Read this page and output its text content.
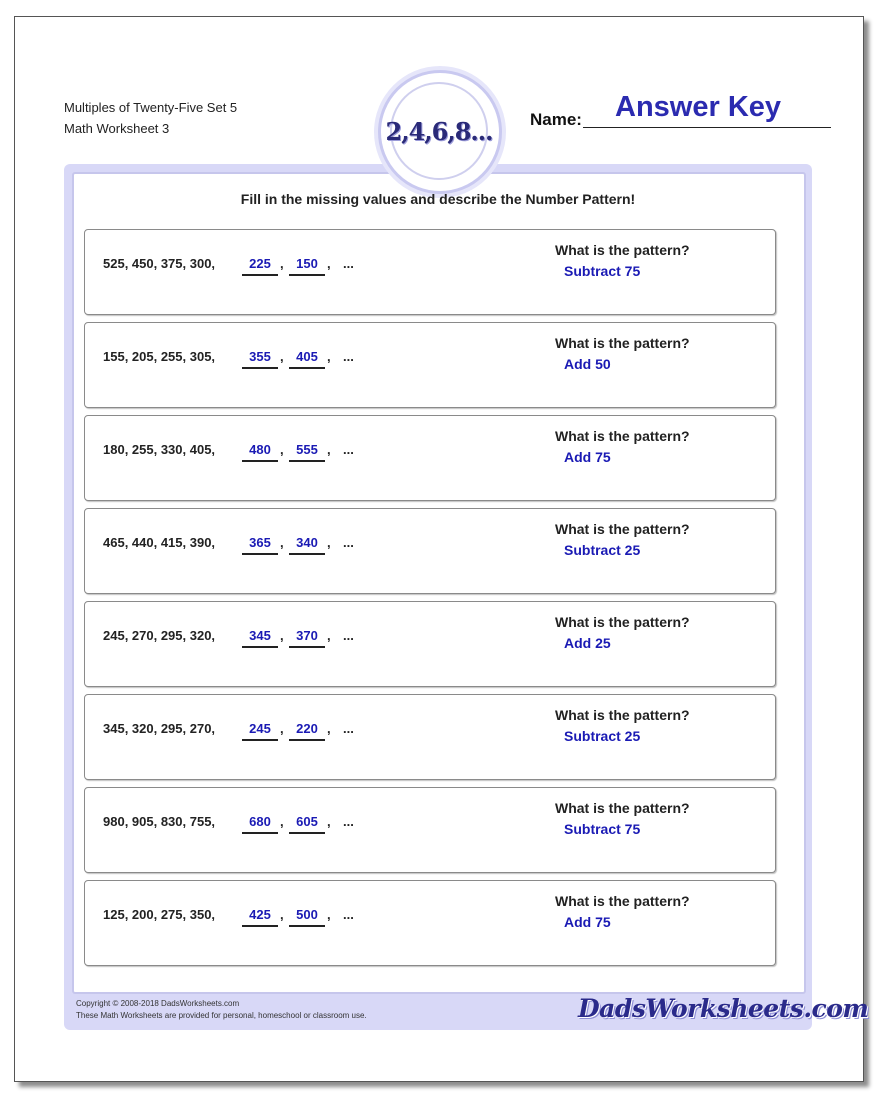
Multiples of Twenty-Five Set 5
Math Worksheet 3	2,4,6,8...
Answer Key
Name:
Fill in the missing values and describe the Number Pattern!
525, 450, 375, 300,	225 , 150 , ...
What is the pattern?
Subtract 75
155, 205, 255, 305,	355 , 405 , ...
What is the pattern?
Add 50
180, 255, 330, 405,	480 , 555 , ...
What is the pattern?
Add 75
465, 440, 415, 390,	365 , 340 , ...
What is the pattern?
Subtract 25
245, 270, 295, 320,	345 , 370 , ...
What is the pattern?
Add 25
345, 320, 295, 270,	245 , 220 , ...
What is the pattern?
Subtract 25
980, 905, 830, 755,	680 , 605 , ...
What is the pattern?
Subtract 75
125, 200, 275, 350,	425 , 500 , ...
What is the pattern?
Add 75
Copyright © 2008-2018 DadsWorksheets.com
These Math Worksheets are provided for personal, homeschool or classroom use.	DadsWorksheets.com
